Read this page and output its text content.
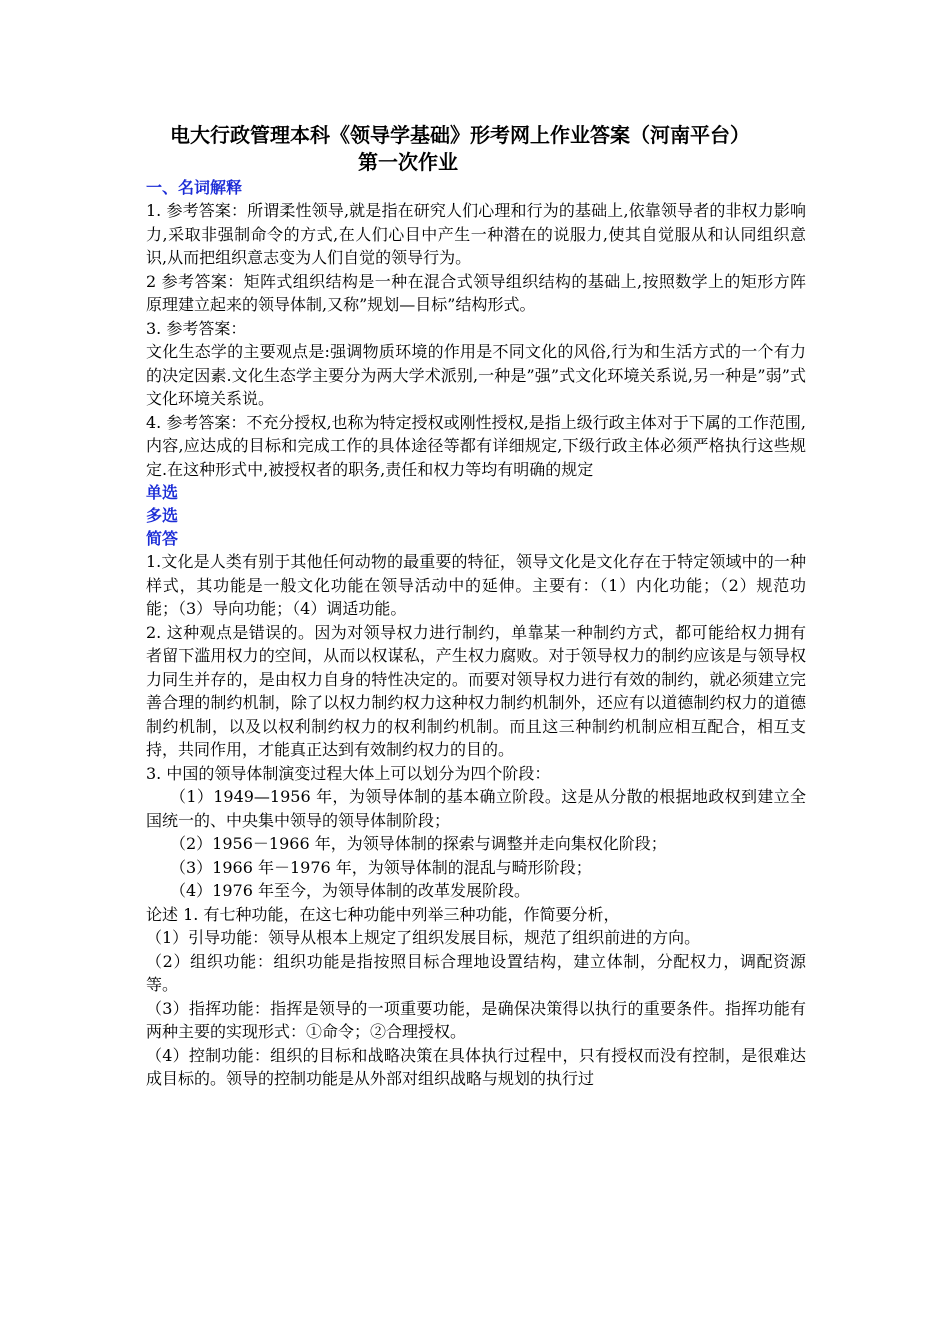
电大行政管理本科《领导学基础》形考网上作业答案（河南平台）

第一次作业

一、名词解释

1. 参考答案：所谓柔性领导,就是指在研究人们心理和行为的基础上,依靠领导者的非权力影响力,采取非强制命令的方式,在人们心目中产生一种潜在的说服力,使其自觉服从和认同组织意识,从而把组织意志变为人们自觉的领导行为。

2 参考答案：矩阵式组织结构是一种在混合式领导组织结构的基础上,按照数学上的矩形方阵原理建立起来的领导体制,又称”规划—目标”结构形式。

3. 参考答案：

文化生态学的主要观点是:强调物质环境的作用是不同文化的风俗,行为和生活方式的一个有力的决定因素.文化生态学主要分为两大学术派别,一种是”强”式文化环境关系说,另一种是”弱”式文化环境关系说。

4. 参考答案：不充分授权,也称为特定授权或刚性授权,是指上级行政主体对于下属的工作范围,内容,应达成的目标和完成工作的具体途径等都有详细规定,下级行政主体必须严格执行这些规定.在这种形式中,被授权者的职务,责任和权力等均有明确的规定

单选

多选

简答

1.文化是人类有别于其他任何动物的最重要的特征，领导文化是文化存在于特定领域中的一种样式，其功能是一般文化功能在领导活动中的延伸。主要有：（1）内化功能；（2）规范功能；（3）导向功能；（4）调适功能。

2. 这种观点是错误的。因为对领导权力进行制约，单靠某一种制约方式，都可能给权力拥有者留下滥用权力的空间，从而以权谋私，产生权力腐败。对于领导权力的制约应该是与领导权力同生并存的，是由权力自身的特性决定的。而要对领导权力进行有效的制约，就必须建立完善合理的制约机制，除了以权力制约权力这种权力制约机制外，还应有以道德制约权力的道德制约机制，以及以权利制约权力的权利制约机制。而且这三种制约机制应相互配合，相互支持，共同作用，才能真正达到有效制约权力的目的。

3. 中国的领导体制演变过程大体上可以划分为四个阶段：

（1）1949—1956 年，为领导体制的基本确立阶段。这是从分散的根据地政权到建立全国统一的、中央集中领导的领导体制阶段；

（2）1956－1966 年，为领导体制的探索与调整并走向集权化阶段；

（3）1966 年－1976 年，为领导体制的混乱与畸形阶段；

（4）1976 年至今，为领导体制的改革发展阶段。

论述 1. 有七种功能，在这七种功能中列举三种功能，作简要分析，

（1）引导功能：领导从根本上规定了组织发展目标，规范了组织前进的方向。

（2）组织功能：组织功能是指按照目标合理地设置结构，建立体制，分配权力，调配资源等。

（3）指挥功能：指挥是领导的一项重要功能，是确保决策得以执行的重要条件。指挥功能有两种主要的实现形式：①命令；②合理授权。

（4）控制功能：组织的目标和战略决策在具体执行过程中，只有授权而没有控制，是很难达成目标的。领导的控制功能是从外部对组织战略与规划的执行过
